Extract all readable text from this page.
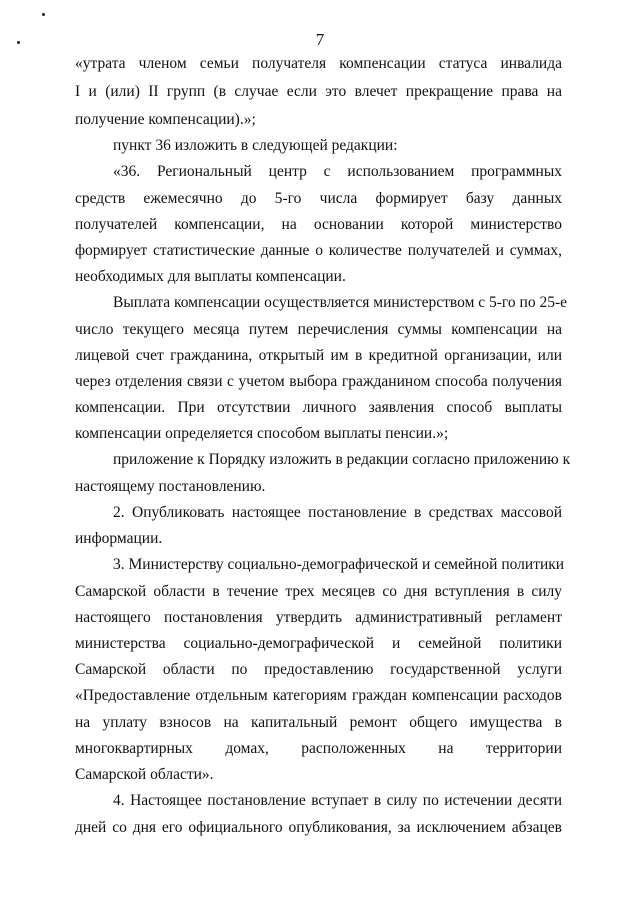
7
«утрата членом семьи получателя компенсации статуса инвалида
I и (или) II групп (в случае если это влечет прекращение права на
получение компенсации).»;
пункт 36 изложить в следующей редакции:
«36. Региональный центр с использованием программных
средств ежемесячно до 5-го числа формирует базу данных
получателей компенсации, на основании которой министерство
формирует статистические данные о количестве получателей и суммах,
необходимых для выплаты компенсации.
Выплата компенсации осуществляется министерством с 5-го по 25-е
число текущего месяца путем перечисления суммы компенсации на
лицевой счет гражданина, открытый им в кредитной организации, или
через отделения связи с учетом выбора гражданином способа получения
компенсации. При отсутствии личного заявления способ выплаты
компенсации определяется способом выплаты пенсии.»;
приложение к Порядку изложить в редакции согласно приложению к
настоящему постановлению.
2. Опубликовать настоящее постановление в средствах массовой
информации.
3. Министерству социально-демографической и семейной политики
Самарской области в течение трех месяцев со дня вступления в силу
настоящего постановления утвердить административный регламент
министерства социально-демографической и семейной политики
Самарской области по предоставлению государственной услуги
«Предоставление отдельным категориям граждан компенсации расходов
на уплату взносов на капитальный ремонт общего имущества в
многоквартирных домах, расположенных на территории
Самарской области».
4. Настоящее постановление вступает в силу по истечении десяти
дней со дня его официального опубликования, за исключением абзацев
